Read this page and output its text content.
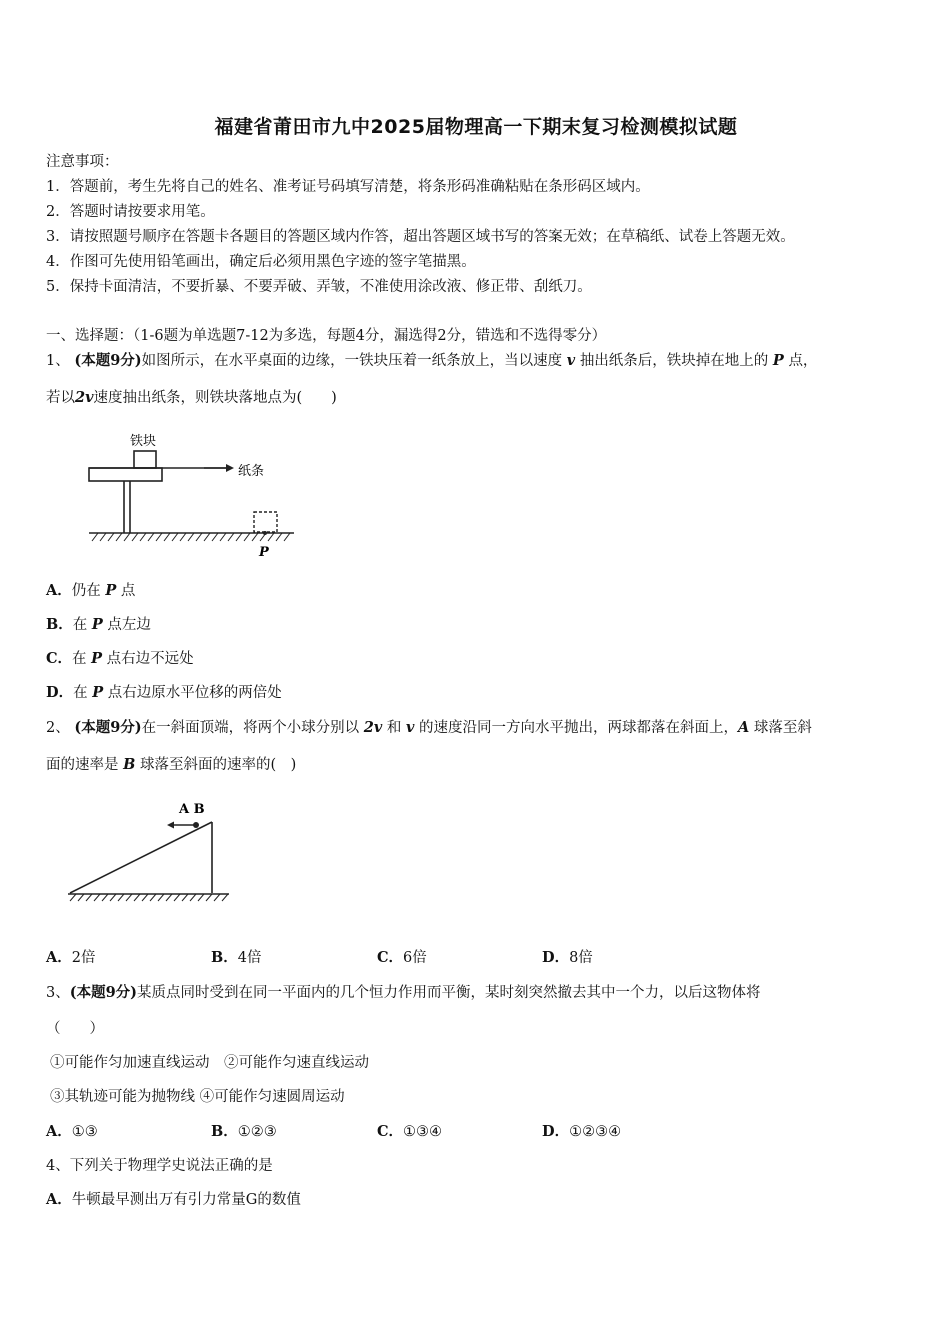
福建省莆田市九中2025届物理高一下期末复习检测模拟试题
注意事项：
1．答题前，考生先将自己的姓名、准考证号码填写清楚，将条形码准确粘贴在条形码区域内。
2．答题时请按要求用笔。
3．请按照题号顺序在答题卡各题目的答题区域内作答，超出答题区域书写的答案无效；在草稿纸、试卷上答题无效。
4．作图可先使用铅笔画出，确定后必须用黑色字迹的签字笔描黑。
5．保持卡面清洁，不要折暴、不要弄破、弄皱，不准使用涂改液、修正带、刮纸刀。
一、选择题：（1-6题为单选题7-12为多选，每题4分，漏选得2分，错选和不选得零分）
1、 (本题9分)如图所示，在水平桌面的边缘，一铁块压着一纸条放上，当以速度 v 抽出纸条后，铁块掉在地上的 P 点，
若以2v速度抽出纸条，则铁块落地点为(　　)
铁块
纸条
P
A．仍在 P 点
B．在 P 点左边
C．在 P 点右边不远处
D．在 P 点右边原水平位移的两倍处
2、 (本题9分)在一斜面顶端，将两个小球分别以 2v 和 v 的速度沿同一方向水平抛出，两球都落在斜面上，A 球落至斜
面的速率是 B 球落至斜面的速率的(　)
A B
A．2倍	B．4倍	C．6倍	D．8倍
3、(本题9分)某质点同时受到在同一平面内的几个恒力作用而平衡，某时刻突然撤去其中一个力，以后这物体将
（　　）
①可能作匀加速直线运动　②可能作匀速直线运动
③其轨迹可能为抛物线 ④可能作匀速圆周运动
A．①③	B．①②③	C．①③④	D．①②③④
4、下列关于物理学史说法正确的是
A．牛顿最早测出万有引力常量G的数值
